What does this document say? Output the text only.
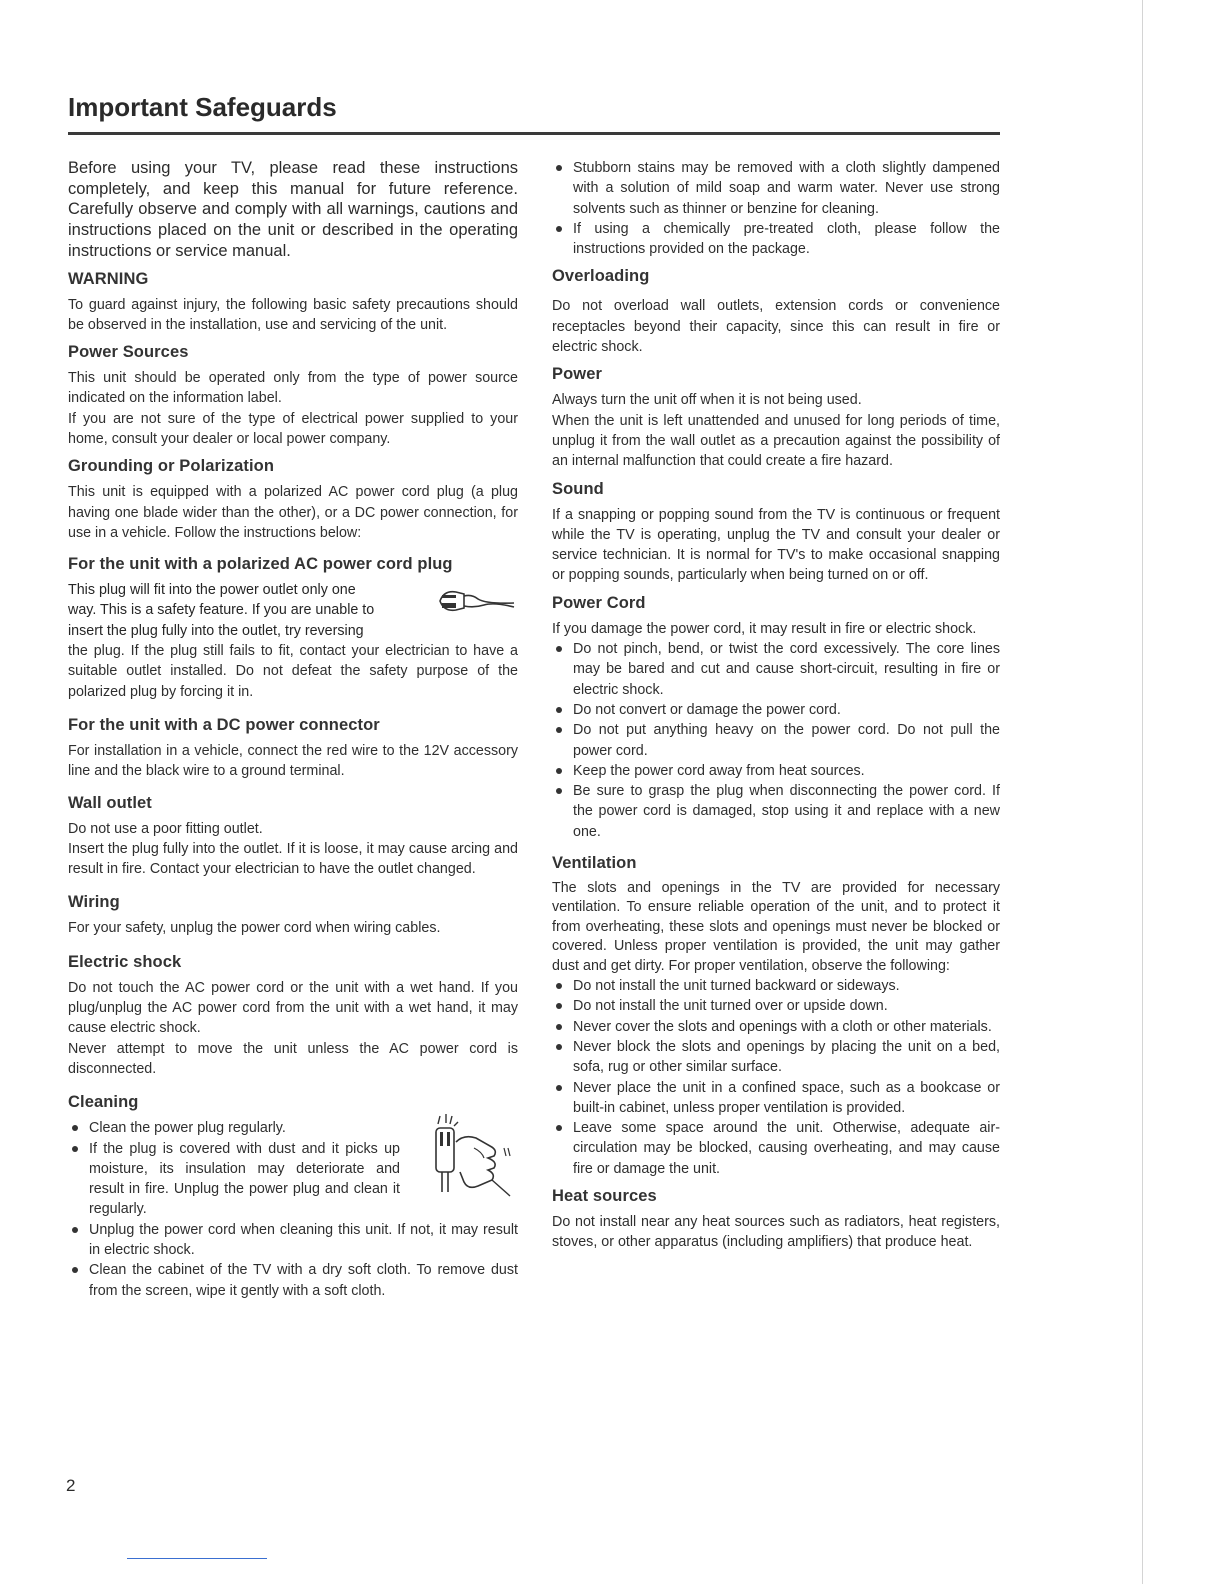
Important Safeguards

Before using your TV, please read these instructions completely, and keep this manual for future reference. Carefully observe and comply with all warnings, cautions and instructions placed on the unit or described in the operating instructions or service manual.

WARNING

To guard against injury, the following basic safety precautions should be observed in the installation, use and servicing of the unit.

Power Sources

This unit should be operated only from the type of power source indicated on the information label.

If you are not sure of the type of electrical power supplied to your home, consult your dealer or local power company.

Grounding or Polarization

This unit is equipped with a polarized AC power cord plug (a plug having one blade wider than the other), or a DC power connection, for use in a vehicle. Follow the instructions below:

For the unit with a polarized AC power cord plug
This plug will fit into the power outlet only one
way. This is a safety feature. If you are unable to
insert the plug fully into the outlet, try reversing

the plug. If the plug still fails to fit, contact your electrician to have a suitable outlet installed. Do not defeat the safety purpose of the polarized plug by forcing it in.

For the unit with a DC power connector

For installation in a vehicle, connect the red wire to the 12V accessory line and the black wire to a ground terminal.

Wall outlet

Do not use a poor fitting outlet.

Insert the plug fully into the outlet. If it is loose, it may cause arcing and result in fire. Contact your electrician to have the outlet changed.

Wiring

For your safety, unplug the power cord when wiring cables.

Electric shock

Do not touch the AC power cord or the unit with a wet hand. If you plug/unplug the AC power cord from the unit with a wet hand, it may cause electric shock.

Never attempt to move the unit unless the AC power cord is disconnected.

Cleaning
Clean the power plug regularly.
If the plug is covered with dust and it picks up moisture, its insulation may deteriorate and result in fire. Unplug the power plug and clean it regularly.
Unplug the power cord when cleaning this unit. If not, it may result in electric shock.
Clean the cabinet of the TV with a dry soft cloth. To remove dust from the screen, wipe it gently with a soft cloth.
Stubborn stains may be removed with a cloth slightly dampened with a solution of mild soap and warm water. Never use strong solvents such as thinner or benzine for cleaning.
If using a chemically pre-treated cloth, please follow the instructions provided on the package.
Overloading

Do not overload wall outlets, extension cords or convenience receptacles beyond their capacity, since this can result in fire or electric shock.

Power

Always turn the unit off when it is not being used.

When the unit is left unattended and unused for long periods of time, unplug it from the wall outlet as a precaution against the possibility of an internal malfunction that could create a fire hazard.

Sound

If a snapping or popping sound from the TV is continuous or frequent while the TV is operating, unplug the TV and consult your dealer or service technician. It is normal for TV's to make occasional snapping or popping sounds, particularly when being turned on or off.

Power Cord

If you damage the power cord, it may result in fire or electric shock.

Do not pinch, bend, or twist the cord excessively. The core lines may be bared and cut and cause short-circuit, resulting in fire or electric shock.
Do not convert or damage the power cord.
Do not put anything heavy on the power cord. Do not pull the power cord.
Keep the power cord away from heat sources.
Be sure to grasp the plug when disconnecting the power cord. If the power cord is damaged, stop using it and replace with a new one.
Ventilation

The slots and openings in the TV are provided for necessary ventilation. To ensure reliable operation of the unit, and to protect it from overheating, these slots and openings must never be blocked or covered. Unless proper ventilation is provided, the unit may gather dust and get dirty. For proper ventilation, observe the following:

Do not install the unit turned backward or sideways.
Do not install the unit turned over or upside down.
Never cover the slots and openings with a cloth or other materials.
Never block the slots and openings by placing the unit on a bed, sofa, rug or other similar surface.
Never place the unit in a confined space, such as a bookcase or built-in cabinet, unless proper ventilation is provided.
Leave some space around the unit. Otherwise, adequate air-circulation may be blocked, causing overheating, and may cause fire or damage the unit.
Heat sources

Do not install near any heat sources such as radiators, heat registers, stoves, or other apparatus (including amplifiers) that produce heat.

2
